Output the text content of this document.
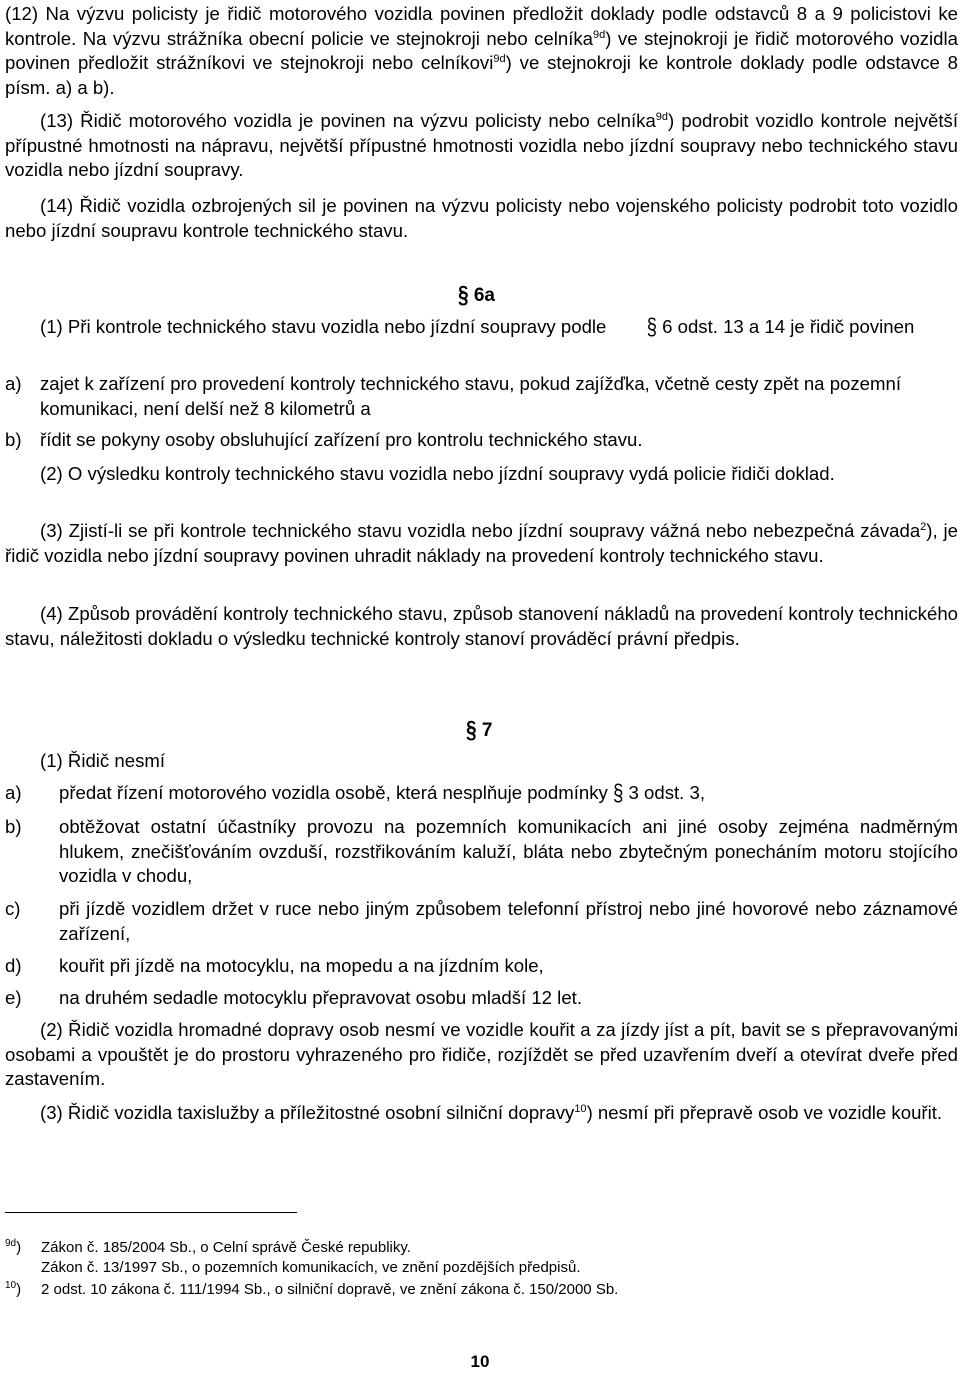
(12) Na výzvu policisty je řidič motorového vozidla povinen předložit doklady podle odstavců 8 a 9 policistovi ke kontrole. Na výzvu strážníka obecní policie ve stejnokroji nebo celníka$^{9d}$) ve stejnokroji je řidič motorového vozidla povinen předložit strážníkovi ve stejnokroji nebo celníkovi$^{9d}$) ve stejnokroji ke kontrole doklady podle odstavce 8 písm. a) a b).
(13) Řidič motorového vozidla je povinen na výzvu policisty nebo celníka$^{9d}$) podrobit vozidlo kontrole největší přípustné hmotnosti na nápravu, největší přípustné hmotnosti vozidla nebo jízdní soupravy nebo technického stavu vozidla nebo jízdní soupravy.
(14) Řidič vozidla ozbrojených sil je povinen na výzvu policisty nebo vojenského policisty podrobit toto vozidlo nebo jízdní soupravu kontrole technického stavu.
§ 6a
(1) Při kontrole technického stavu vozidla nebo jízdní soupravy podle § 6 odst. 13 a 14 je řidič povinen
a) zajet k zařízení pro provedení kontroly technického stavu, pokud zajížďka, včetně cesty zpět na pozemní komunikaci, není delší než 8 kilometrů a
b) řídit se pokyny osoby obsluhující zařízení pro kontrolu technického stavu.
(2) O výsledku kontroly technického stavu vozidla nebo jízdní soupravy vydá policie řidiči doklad.
(3) Zjistí-li se při kontrole technického stavu vozidla nebo jízdní soupravy vážná nebo nebezpečná závada$^2$), je řidič vozidla nebo jízdní soupravy povinen uhradit náklady na provedení kontroly technického stavu.
(4) Způsob provádění kontroly technického stavu, způsob stanovení nákladů na provedení kontroly technického stavu, náležitosti dokladu o výsledku technické kontroly stanoví prováděcí právní předpis.
§ 7
(1) Řidič nesmí
a) předat řízení motorového vozidla osobě, která nesplňuje podmínky § 3 odst. 3,
b) obtěžovat ostatní účastníky provozu na pozemních komunikacích ani jiné osoby zejména nadměrným hlukem, znečišťováním ovzduší, rozstřikováním kaluží, bláta nebo zbytečným ponecháním motoru stojícího vozidla v chodu,
c) při jízdě vozidlem držet v ruce nebo jiným způsobem telefonní přístroj nebo jiné hovorové nebo záznamové zařízení,
d) kouřit při jízdě na motocyklu, na mopedu a na jízdním kole,
e) na druhém sedadle motocyklu přepravovat osobu mladší 12 let.
(2) Řidič vozidla hromadné dopravy osob nesmí ve vozidle kouřit a za jízdy jíst a pít, bavit se s přepravovanými osobami a vpouštět je do prostoru vyhrazeného pro řidiče, rozjíždět se před uzavřením dveří a otevírat dveře před zastavením.
(3) Řidič vozidla taxislužby a příležitostné osobní silniční dopravy$^{10}$) nesmí při přepravě osob ve vozidle kouřit.
$^{9d}$) Zákon č. 185/2004 Sb., o Celní správě České republiky.
Zákon č. 13/1997 Sb., o pozemních komunikacích, ve znění pozdějších předpisů.
$^{10}$) 2 odst. 10 zákona č. 111/1994 Sb., o silniční dopravě, ve znění zákona č. 150/2000 Sb.
10
